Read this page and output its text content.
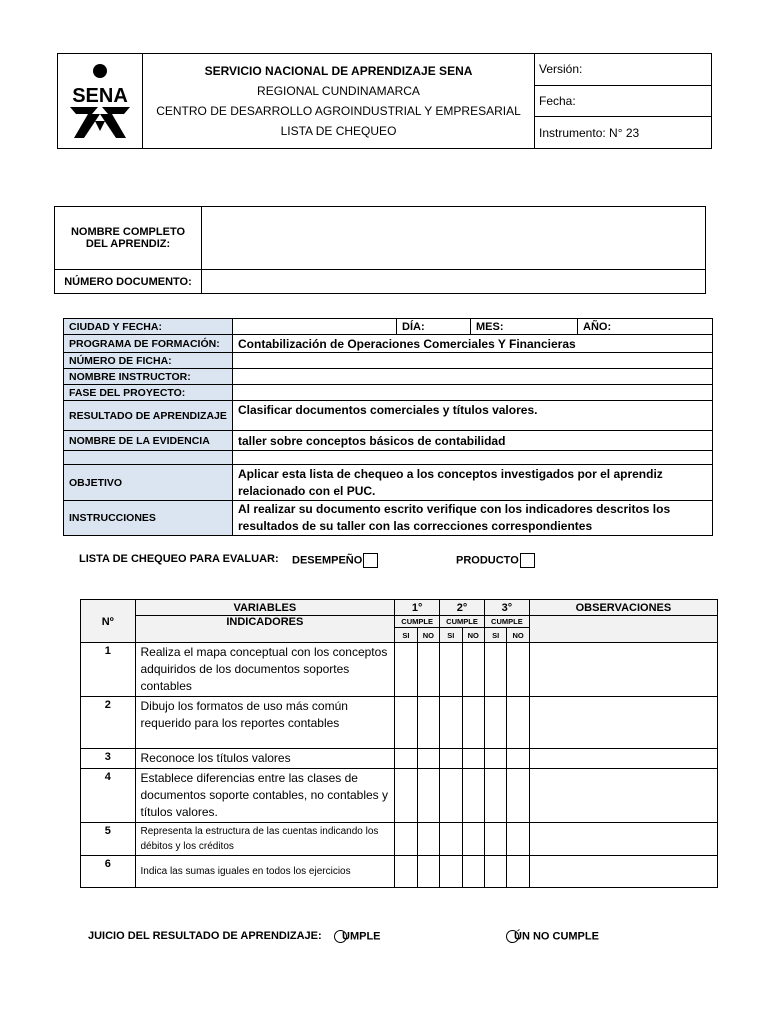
SENA

SERVICIO NACIONAL DE APRENDIZAJE SENA
REGIONAL CUNDINAMARCA
CENTRO DE DESARROLLO AGROINDUSTRIAL Y EMPRESARIAL
LISTA DE CHEQUEO
	Versión:
Fecha:
Instrumento: N° 23
NOMBRE COMPLETO DEL APRENDIZ:	
NÚMERO DOCUMENTO:	
CIUDAD Y FECHA:		DÍA:	MES:	AÑO:
PROGRAMA DE FORMACIÓN:	Contabilización de Operaciones Comerciales Y Financieras			
NÚMERO DE FICHA:				
NOMBRE INSTRUCTOR:				
FASE DEL PROYECTO:				
RESULTADO DE APRENDIZAJE	Clasificar documentos comerciales y títulos valores.			
NOMBRE DE LA EVIDENCIA	taller sobre conceptos básicos de contabilidad			

OBJETIVO	Aplicar esta lista de chequeo a los conceptos investigados por el aprendiz relacionado con el PUC.			
INSTRUCCIONES	Al realizar su documento escrito verifique con los indicadores descritos los resultados de su taller con las correcciones correspondientes			
LISTA DE CHEQUEO PARA EVALUAR: DESEMPEÑO	PRODUCTO
Nº	VARIABLES	1°		2°		3°		OBSERVACIONES
	INDICADORES	CUMPLE		CUMPLE		CUMPLE		
		SI	NO	SI	NO	SI	NO	
1	Realiza el mapa conceptual con los conceptos adquiridos de los documentos soportes contables							
2	Dibujo los formatos de uso más común requerido para los reportes contables							
3	Reconoce los títulos valores							
4	Establece diferencias entre las clases de documentos soporte contables, no contables y títulos valores.							
5	Representa la estructura de las cuentas indicando los débitos y los créditos							
6	Indica las sumas iguales en todos los ejercicios							
JUICIO DEL RESULTADO DE APRENDIZAJE:	UMPLE	ÚN NO CUMPLE
